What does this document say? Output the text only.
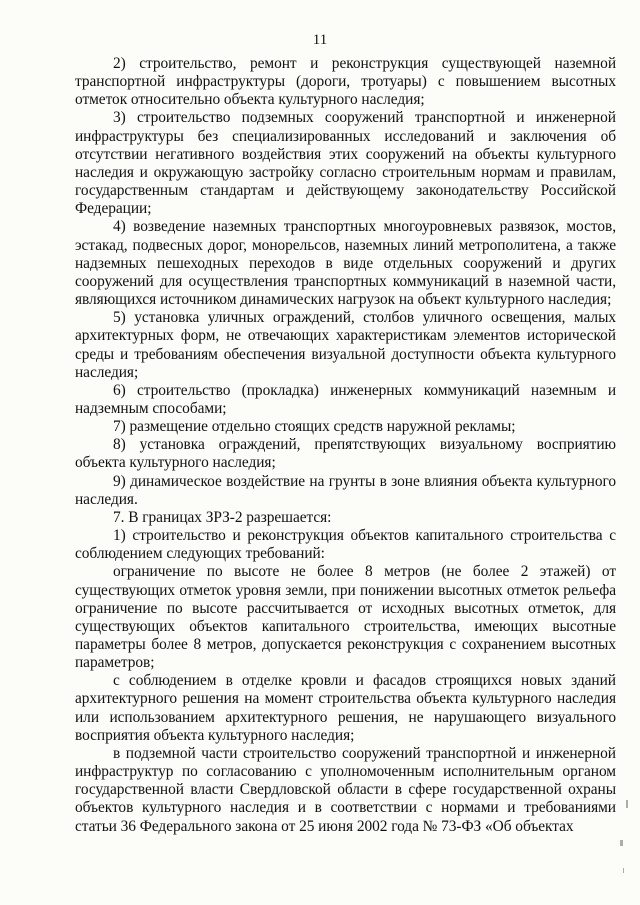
11

2) строительство, ремонт и реконструкция существующей наземной транспортной инфраструктуры (дороги, тротуары) с повышением высотных отметок относительно объекта культурного наследия;

3) строительство подземных сооружений транспортной и инженерной инфраструктуры без специализированных исследований и заключения об отсутствии негативного воздействия этих сооружений на объекты культурного наследия и окружающую застройку согласно строительным нормам и правилам, государственным стандартам и действующему законодательству Российской Федерации;

4) возведение наземных транспортных многоуровневых развязок, мостов, эстакад, подвесных дорог, монорельсов, наземных линий метрополитена, а также надземных пешеходных переходов в виде отдельных сооружений и других сооружений для осуществления транспортных коммуникаций в наземной части, являющихся источником динамических нагрузок на объект культурного наследия;

5) установка уличных ограждений, столбов уличного освещения, малых архитектурных форм, не отвечающих характеристикам элементов исторической среды и требованиям обеспечения визуальной доступности объекта культурного наследия;

6) строительство (прокладка) инженерных коммуникаций наземным и надземным способами;

7) размещение отдельно стоящих средств наружной рекламы;

8) установка ограждений, препятствующих визуальному восприятию объекта культурного наследия;

9) динамическое воздействие на грунты в зоне влияния объекта культурного наследия.

7. В границах ЗРЗ-2 разрешается:

1) строительство и реконструкция объектов капитального строительства с соблюдением следующих требований:

ограничение по высоте не более 8 метров (не более 2 этажей) от существующих отметок уровня земли, при понижении высотных отметок рельефа ограничение по высоте рассчитывается от исходных высотных отметок, для существующих объектов капитального строительства, имеющих высотные параметры более 8 метров, допускается реконструкция с сохранением высотных параметров;

с соблюдением в отделке кровли и фасадов строящихся новых зданий архитектурного решения на момент строительства объекта культурного наследия или использованием архитектурного решения, не нарушающего визуального восприятия объекта культурного наследия;

в подземной части строительство сооружений транспортной и инженерной инфраструктур по согласованию с уполномоченным исполнительным органом государственной власти Свердловской области в сфере государственной охраны объектов культурного наследия и в соответствии с нормами и требованиями статьи 36 Федерального закона от 25 июня 2002 года № 73-ФЗ «Об объектах
